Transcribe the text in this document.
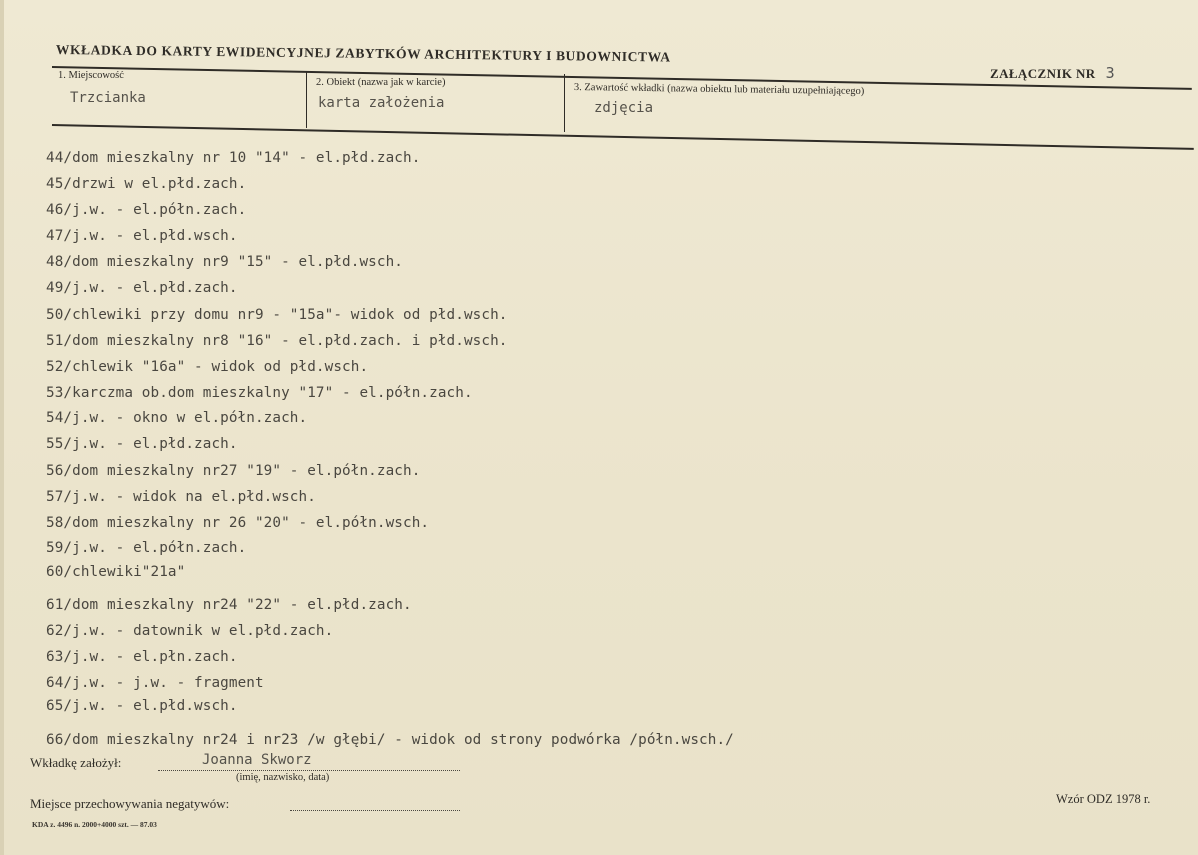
WKŁADKA DO KARTY EWIDENCYJNEJ ZABYTKÓW ARCHITEKTURY I BUDOWNICTWA
ZAŁĄCZNIK NR 3
1. Miejscowość
Trzcianka
2. Obiekt (nazwa jak w karcie)
karta założenia
3. Zawartość wkładki (nazwa obiektu lub materiału uzupełniającego)
zdjęcia
44/dom mieszkalny nr 10 "14" - el.płd.zach.
45/drzwi w el.płd.zach.
46/j.w. - el.półn.zach.
47/j.w. - el.płd.wsch.
48/dom mieszkalny nr9 "15" - el.płd.wsch.
49/j.w. - el.płd.zach.
50/chlewiki przy domu nr9 - "15a"- widok od płd.wsch.
51/dom mieszkalny nr8 "16" - el.płd.zach. i płd.wsch.
52/chlewik "16a" - widok od płd.wsch.
53/karczma ob.dom mieszkalny "17" - el.półn.zach.
54/j.w. - okno w el.półn.zach.
55/j.w. - el.płd.zach.
56/dom mieszkalny nr27 "19" - el.półn.zach.
57/j.w. - widok na el.płd.wsch.
58/dom mieszkalny nr 26 "20" - el.półn.wsch.
59/j.w. - el.półn.zach.
60/chlewiki"21a"
61/dom mieszkalny nr24 "22" - el.płd.zach.
62/j.w. - datownik w el.płd.zach.
63/j.w. - el.płn.zach.
64/j.w. - j.w. - fragment
65/j.w. - el.płd.wsch.
66/dom mieszkalny nr24 i nr23 /w głębi/ - widok od strony podwórka /półn.wsch./
Wkładkę założył:	Joanna Skworz
(imię, nazwisko, data)
Miejsce przechowywania negatywów:	Wzór ODZ 1978 r.
KDA z. 4496 n. 2000+4000 szt. — 87.03
